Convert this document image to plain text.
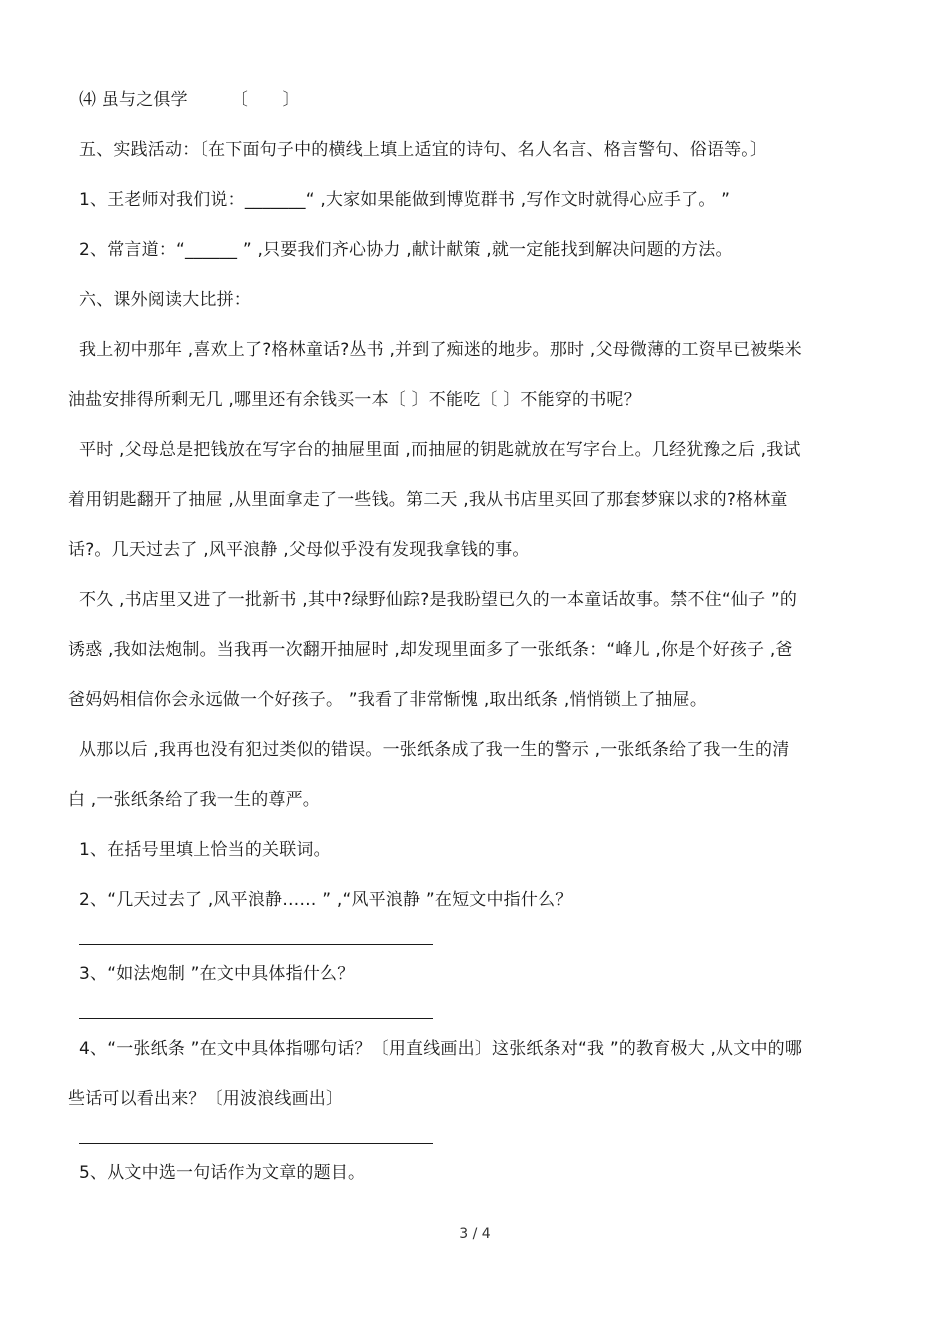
⑷ 虽与之俱学　　　〔　　〕
五、实践活动：〔在下面句子中的横线上填上适宜的诗句、名人名言、格言警句、俗语等。〕
1、王老师对我们说：_______“ ,大家如果能做到博览群书 ,写作文时就得心应手了。 ”
2、常言道：“______ ” ,只要我们齐心协力 ,献计献策 ,就一定能找到解决问题的方法。
六、课外阅读大比拼：
我上初中那年 ,喜欢上了?格林童话?丛书 ,并到了痴迷的地步。那时 ,父母微薄的工资早已被柴米
油盐安排得所剩无几 ,哪里还有余钱买一本〔 〕不能吃〔 〕不能穿的书呢？
平时 ,父母总是把钱放在写字台的抽屉里面 ,而抽屉的钥匙就放在写字台上。几经犹豫之后 ,我试
着用钥匙翻开了抽屉 ,从里面拿走了一些钱。第二天 ,我从书店里买回了那套梦寐以求的?格林童
话?。几天过去了 ,风平浪静 ,父母似乎没有发现我拿钱的事。
不久 ,书店里又进了一批新书 ,其中?绿野仙踪?是我盼望已久的一本童话故事。禁不住“仙子 ”的
诱惑 ,我如法炮制。当我再一次翻开抽屉时 ,却发现里面多了一张纸条：“峰儿 ,你是个好孩子 ,爸
爸妈妈相信你会永远做一个好孩子。 ”我看了非常惭愧 ,取出纸条 ,悄悄锁上了抽屉。
从那以后 ,我再也没有犯过类似的错误。一张纸条成了我一生的警示 ,一张纸条给了我一生的清
白 ,一张纸条给了我一生的尊严。
1、在括号里填上恰当的关联词。
2、“几天过去了 ,风平浪静…… ” ,“风平浪静 ”在短文中指什么？
3、“如法炮制 ”在文中具体指什么？
4、“一张纸条 ”在文中具体指哪句话？〔用直线画出〕这张纸条对“我 ”的教育极大 ,从文中的哪
些话可以看出来？〔用波浪线画出〕
5、从文中选一句话作为文章的题目。
3 / 4
